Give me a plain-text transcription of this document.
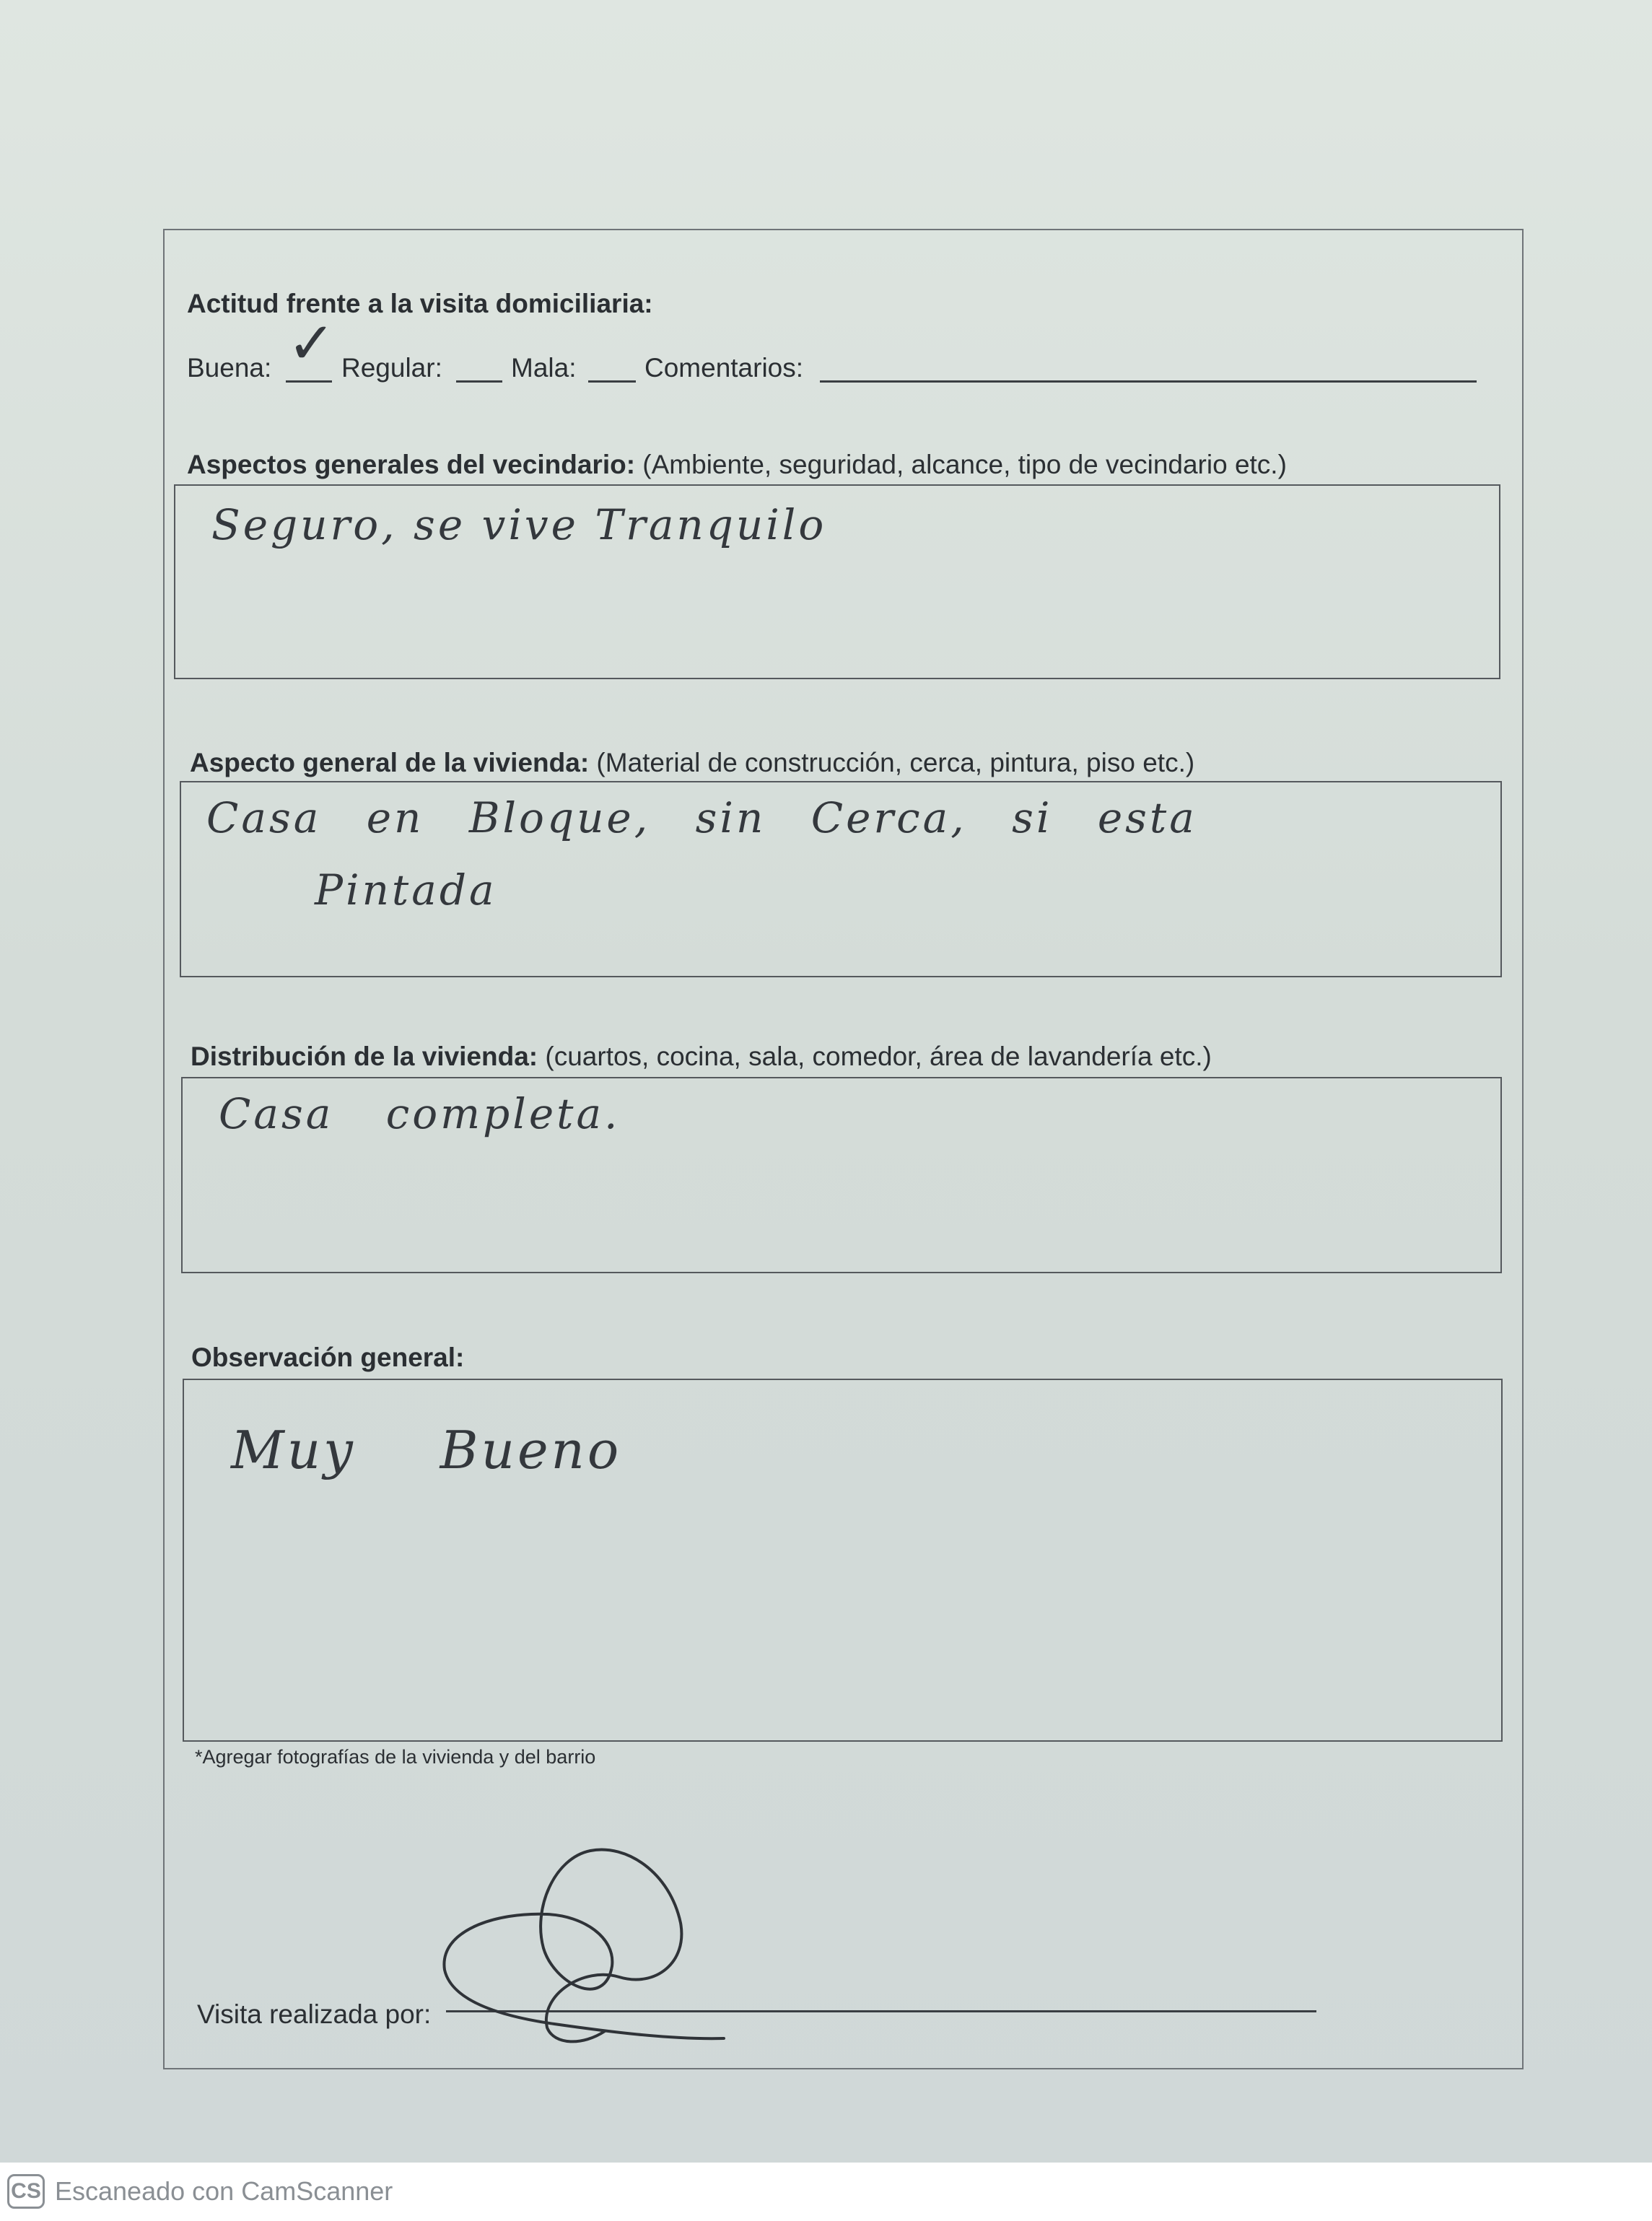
Actitud frente a la visita domiciliaria:
Buena: ✓ Regular:	Mala:	Comentarios:
Aspectos generales del vecindario: (Ambiente, seguridad, alcance, tipo de vecindario etc.)
Seguro, se vive Tranquilo
Aspecto general de la vivienda: (Material de construcción, cerca, pintura, piso etc.)
Casa en Bloque, sin Cerca, si esta
Pintada
Distribución de la vivienda: (cuartos, cocina, sala, comedor, área de lavandería etc.)
Casa completa.
Observación general:
Muy Bueno
*Agregar fotografías de la vivienda y del barrio
Visita realizada por:
CS Escaneado con CamScanner
